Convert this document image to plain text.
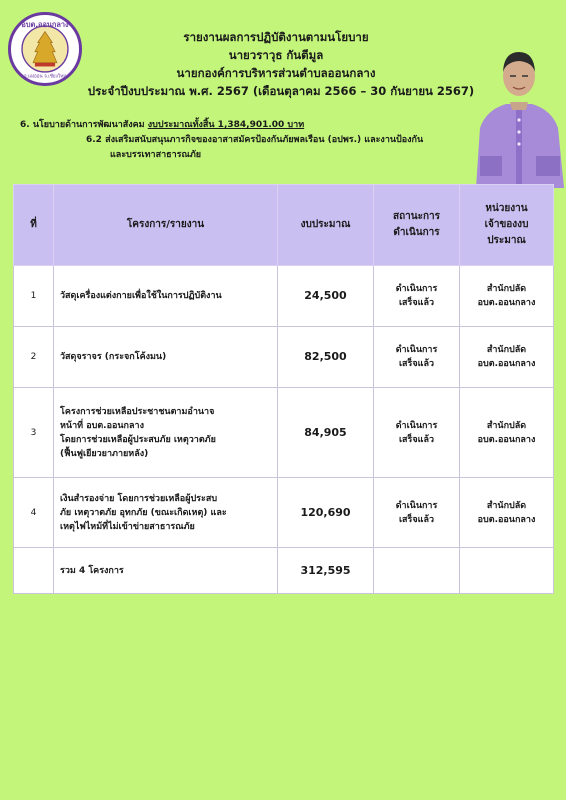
อบต.ออนกลาง
อ.แม่ออน จ.เชียงใหม่
รายงานผลการปฏิบัติงานตามนโยบาย
นายวราวุธ กันตีมูล
นายกองค์การบริหารส่วนตำบลออนกลาง
ประจำปีงบประมาณ พ.ศ. 2567 (เดือนตุลาคม 2566 – 30 กันยายน 2567)
6. นโยบายด้านการพัฒนาสังคม งบประมาณทั้งสิ้น 1,384,901.00 บาท
6.2 ส่งเสริมสนับสนุนภารกิจของอาสาสมัครป้องกันภัยพลเรือน (อปพร.) และงานป้องกัน
และบรรเทาสาธารณภัย
ที่	โครงการ/รายงาน	งบประมาณ	สถานะการ
ดำเนินการ	หน่วยงาน
เจ้าของงบ
ประมาณ

1	วัสดุเครื่องแต่งกายเพื่อใช้ในการปฏิบัติงาน	24,500	ดำเนินการ
เสร็จแล้ว	สำนักปลัด
อบต.ออนกลาง

2	วัสดุจราจร (กระจกโค้งมน)	82,500	ดำเนินการ
เสร็จแล้ว	สำนักปลัด
อบต.ออนกลาง

3	โครงการช่วยเหลือประชาชนตามอำนาจ
หน้าที่ อบต.ออนกลาง
โดยการช่วยเหลือผู้ประสบภัย เหตุวาตภัย
(ฟื้นฟูเยียวยาภายหลัง)	84,905	ดำเนินการ
เสร็จแล้ว	สำนักปลัด
อบต.ออนกลาง

4	เงินสำรองจ่าย โดยการช่วยเหลือผู้ประสบ
ภัย เหตุวาตภัย อุทกภัย (ขณะเกิดเหตุ) และ
เหตุไฟไหม้ที่ไม่เข้าข่ายสาธารณภัย	120,690	ดำเนินการ
เสร็จแล้ว	สำนักปลัด
อบต.ออนกลาง

	รวม 4 โครงการ	312,595		
